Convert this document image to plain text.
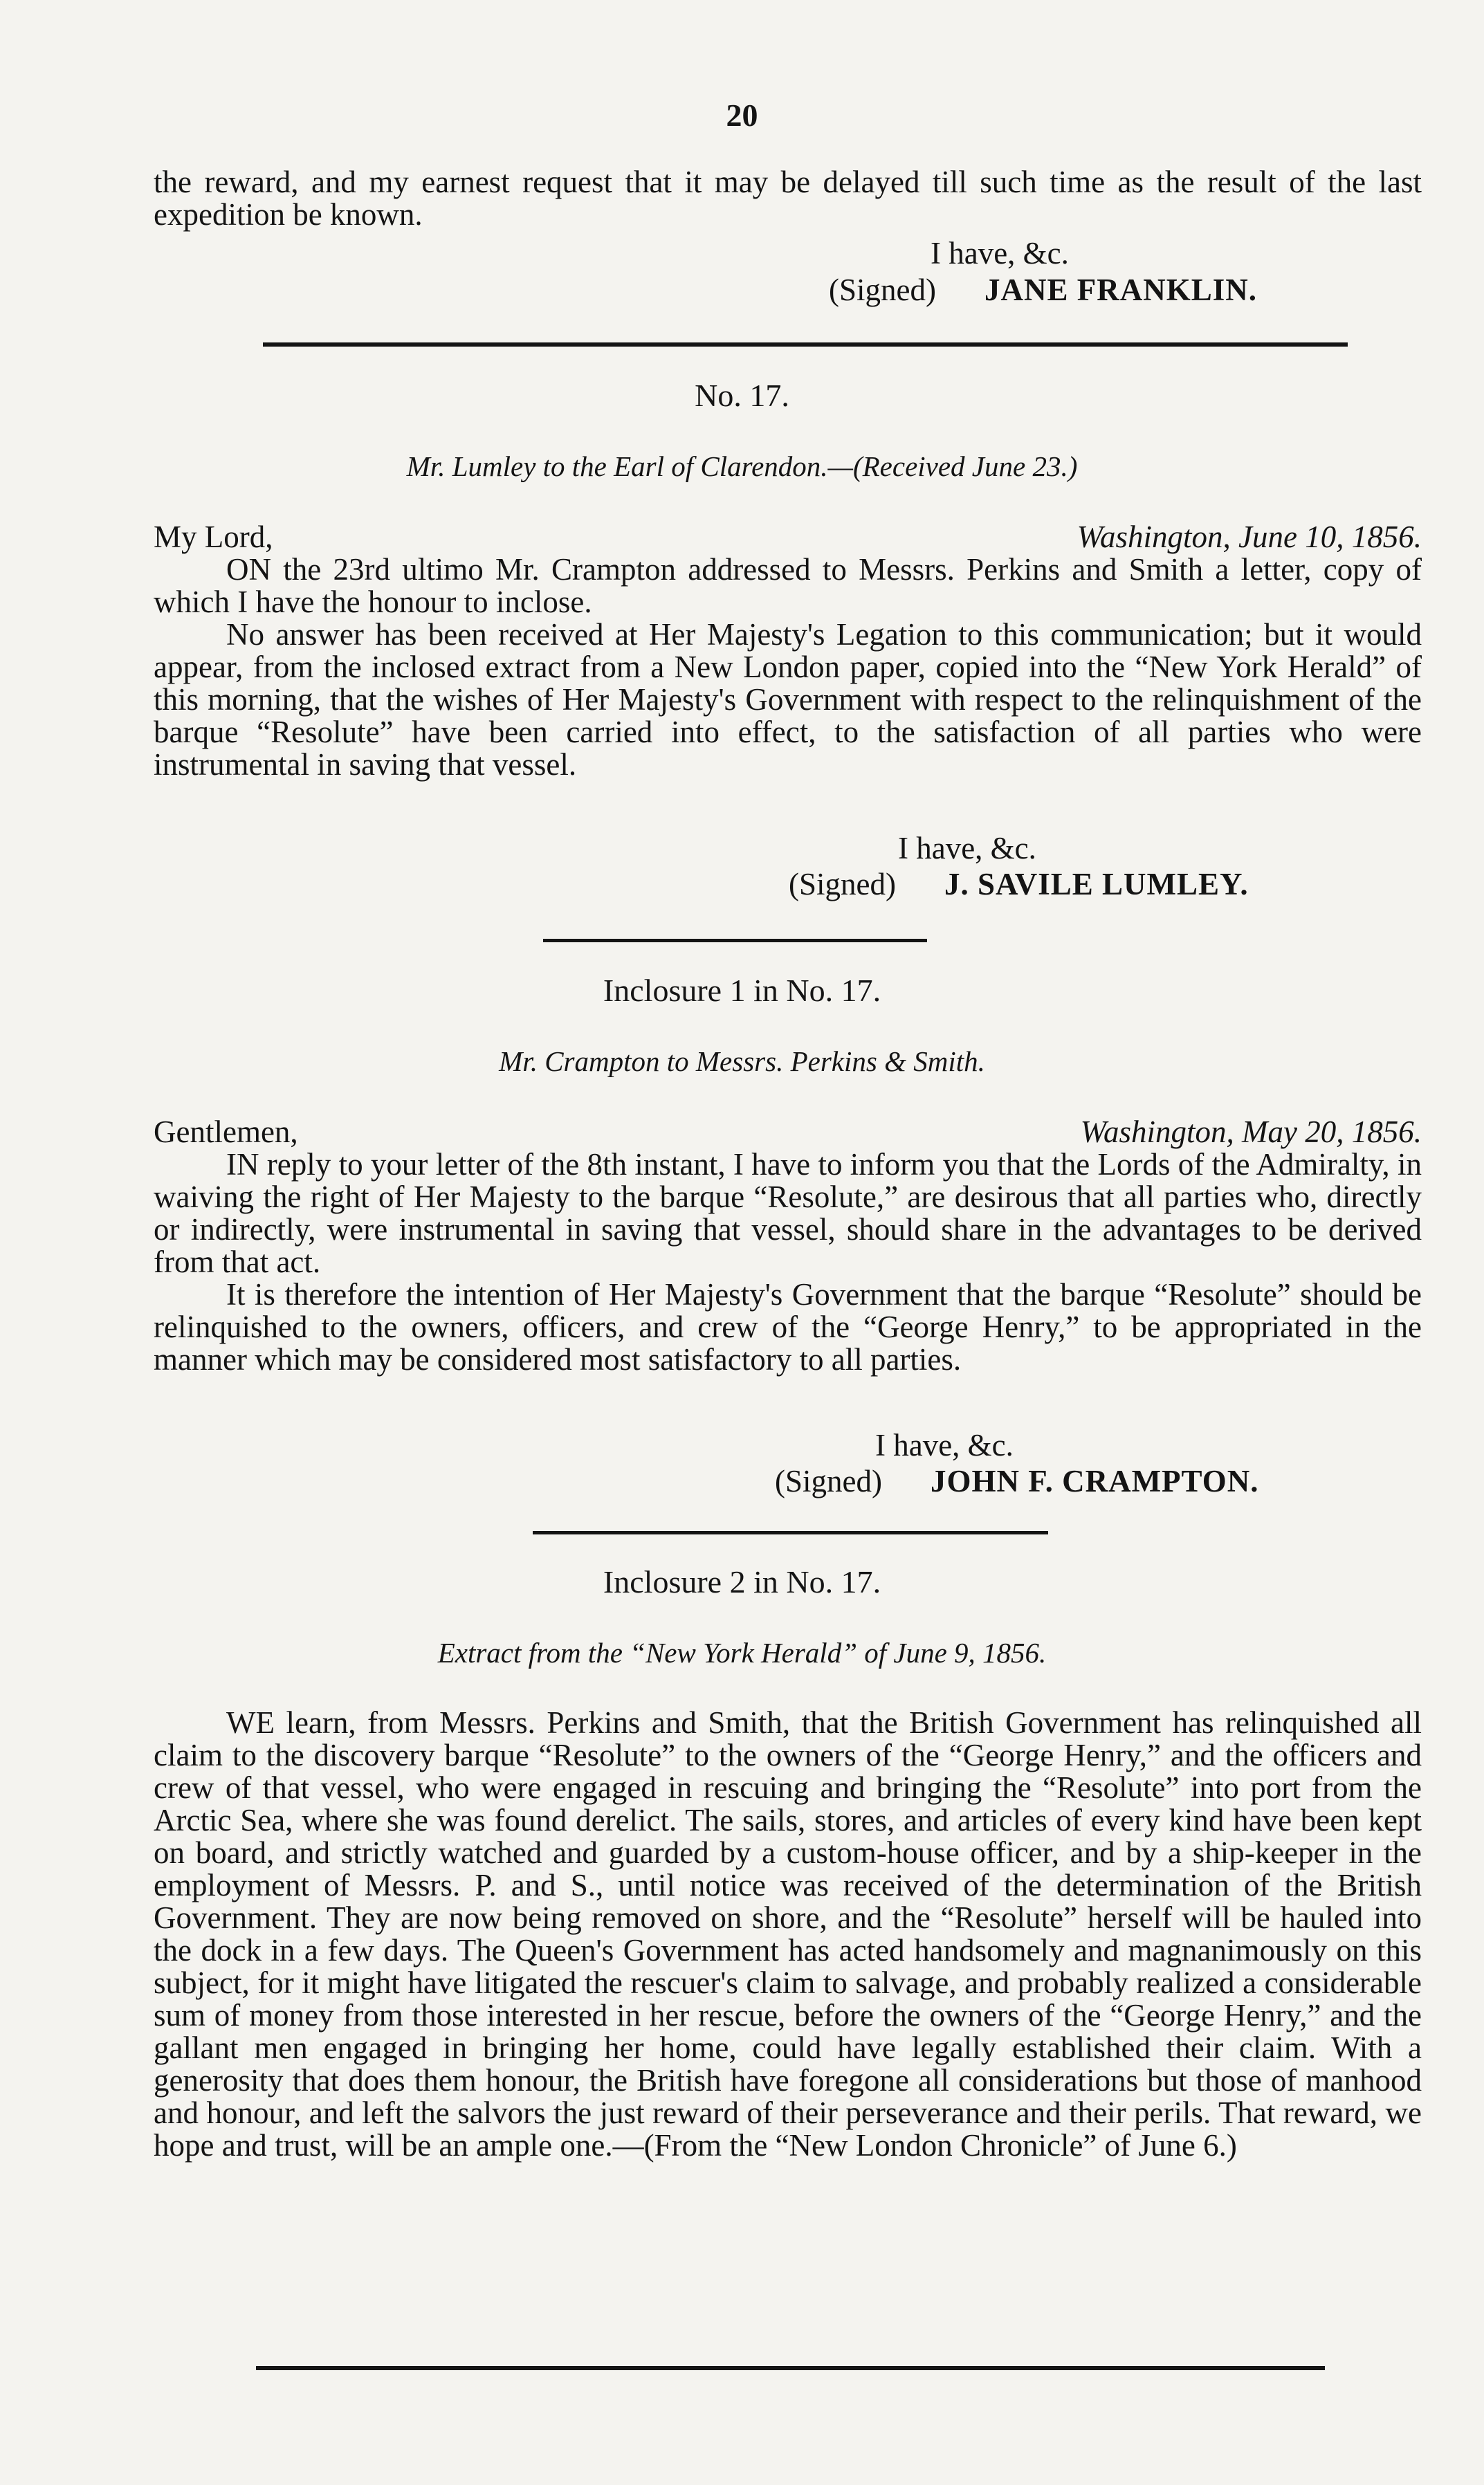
20

the reward, and my earnest request that it may be delayed till such time as the result of the last expedition be known.

I have, &c.
(Signed) JANE FRANKLIN.
No. 17.
Mr. Lumley to the Earl of Clarendon.—(Received June 23.)
My Lord,	Washington, June 10, 1856.

ON the 23rd ultimo Mr. Crampton addressed to Messrs. Perkins and Smith a letter, copy of which I have the honour to inclose.

No answer has been received at Her Majesty's Legation to this communication; but it would appear, from the inclosed extract from a New London paper, copied into the “New York Herald” of this morning, that the wishes of Her Majesty's Government with respect to the relinquishment of the barque “Resolute” have been carried into effect, to the satisfaction of all parties who were instrumental in saving that vessel.

I have, &c.
(Signed) J. SAVILE LUMLEY.
Inclosure 1 in No. 17.
Mr. Crampton to Messrs. Perkins & Smith.
Gentlemen,	Washington, May 20, 1856.

IN reply to your letter of the 8th instant, I have to inform you that the Lords of the Admiralty, in waiving the right of Her Majesty to the barque “Resolute,” are desirous that all parties who, directly or indirectly, were instrumental in saving that vessel, should share in the advantages to be derived from that act.

It is therefore the intention of Her Majesty's Government that the barque “Resolute” should be relinquished to the owners, officers, and crew of the “George Henry,” to be appropriated in the manner which may be considered most satisfactory to all parties.

I have, &c.
(Signed) JOHN F. CRAMPTON.
Inclosure 2 in No. 17.
Extract from the “New York Herald” of June 9, 1856.

WE learn, from Messrs. Perkins and Smith, that the British Government has relinquished all claim to the discovery barque “Resolute” to the owners of the “George Henry,” and the officers and crew of that vessel, who were engaged in rescuing and bringing the “Resolute” into port from the Arctic Sea, where she was found derelict. The sails, stores, and articles of every kind have been kept on board, and strictly watched and guarded by a custom-house officer, and by a ship-keeper in the employment of Messrs. P. and S., until notice was received of the determination of the British Government. They are now being removed on shore, and the “Resolute” herself will be hauled into the dock in a few days. The Queen's Government has acted handsomely and magnanimously on this subject, for it might have litigated the rescuer's claim to salvage, and probably realized a considerable sum of money from those interested in her rescue, before the owners of the “George Henry,” and the gallant men engaged in bringing her home, could have legally established their claim. With a generosity that does them honour, the British have foregone all considerations but those of manhood and honour, and left the salvors the just reward of their perseverance and their perils. That reward, we hope and trust, will be an ample one.—(From the “New London Chronicle” of June 6.)
